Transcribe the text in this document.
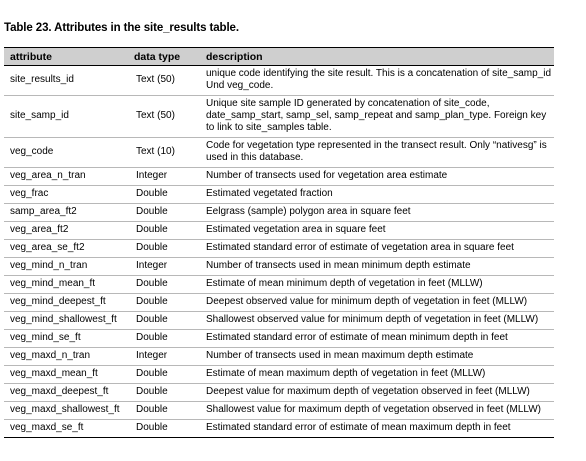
Table 23. Attributes in the site_results table.
attribute	data type	description
site_results_id	Text (50)	unique code identifying the site result. This is a concatenation of site_samp_id Und veg_code.
site_samp_id	Text (50)	Unique site sample ID generated by concatenation of site_code, date_samp_start, samp_sel, samp_repeat and samp_plan_type. Foreign key to link to site_samples table.
veg_code	Text (10)	Code for vegetation type represented in the transect result. Only “nativesg” is used in this database.
veg_area_n_tran	Integer	Number of transects used for vegetation area estimate
veg_frac	Double	Estimated vegetated fraction
samp_area_ft2	Double	Eelgrass (sample) polygon area in square feet
veg_area_ft2	Double	Estimated vegetation area in square feet
veg_area_se_ft2	Double	Estimated standard error of estimate of vegetation area in square feet
veg_mind_n_tran	Integer	Number of transects used in mean minimum depth estimate
veg_mind_mean_ft	Double	Estimate of mean minimum depth of vegetation in feet (MLLW)
veg_mind_deepest_ft	Double	Deepest observed value for minimum depth of vegetation in feet (MLLW)
veg_mind_shallowest_ft	Double	Shallowest observed value for minimum depth of vegetation in feet (MLLW)
veg_mind_se_ft	Double	Estimated standard error of estimate of mean minimum depth in feet
veg_maxd_n_tran	Integer	Number of transects used in mean maximum depth estimate
veg_maxd_mean_ft	Double	Estimate of mean maximum depth of vegetation in feet (MLLW)
veg_maxd_deepest_ft	Double	Deepest value for maximum depth of vegetation observed in feet (MLLW)
veg_maxd_shallowest_ft	Double	Shallowest value for maximum depth of vegetation observed in feet (MLLW)
veg_maxd_se_ft	Double	Estimated standard error of estimate of mean maximum depth in feet
